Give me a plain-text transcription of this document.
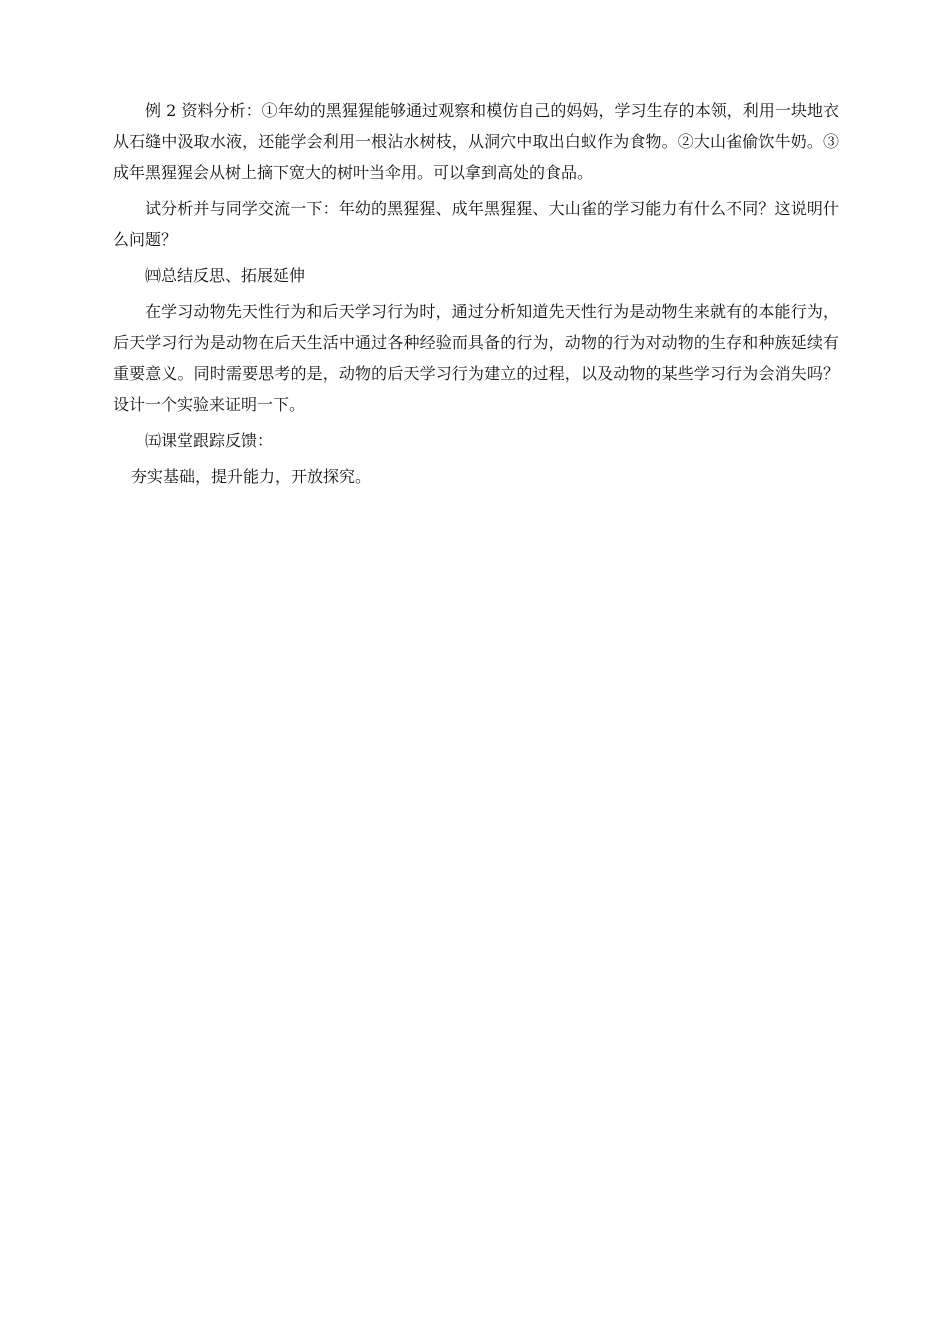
例 2 资料分析：①年幼的黑猩猩能够通过观察和模仿自己的妈妈，学习生存的本领，利用一块地衣从石缝中汲取水液，还能学会利用一根沾水树枝，从洞穴中取出白蚁作为食物。②大山雀偷饮牛奶。③成年黑猩猩会从树上摘下宽大的树叶当伞用。可以拿到高处的食品。

试分析并与同学交流一下：年幼的黑猩猩、成年黑猩猩、大山雀的学习能力有什么不同？这说明什么问题？

㈣总结反思、拓展延伸

在学习动物先天性行为和后天学习行为时，通过分析知道先天性行为是动物生来就有的本能行为，后天学习行为是动物在后天生活中通过各种经验而具备的行为，动物的行为对动物的生存和种族延续有重要意义。同时需要思考的是，动物的后天学习行为建立的过程，以及动物的某些学习行为会消失吗？设计一个实验来证明一下。

㈤课堂跟踪反馈：

夯实基础，提升能力，开放探究。
